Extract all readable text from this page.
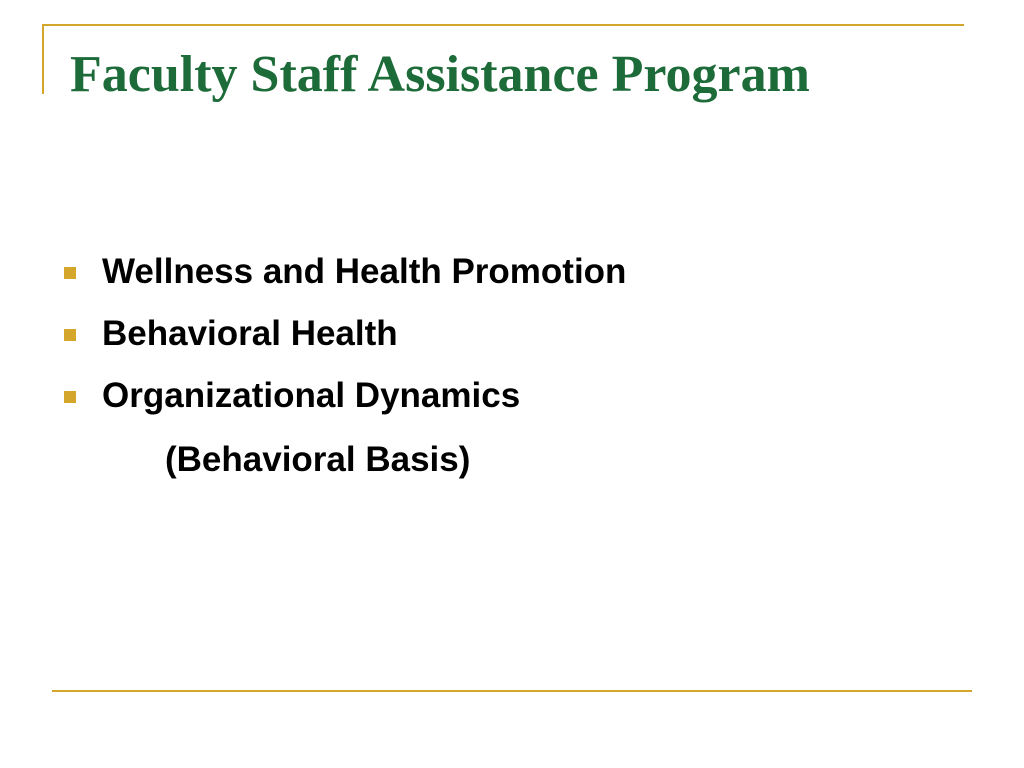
Faculty Staff Assistance Program
Wellness and Health Promotion
Behavioral Health
Organizational Dynamics
(Behavioral Basis)
